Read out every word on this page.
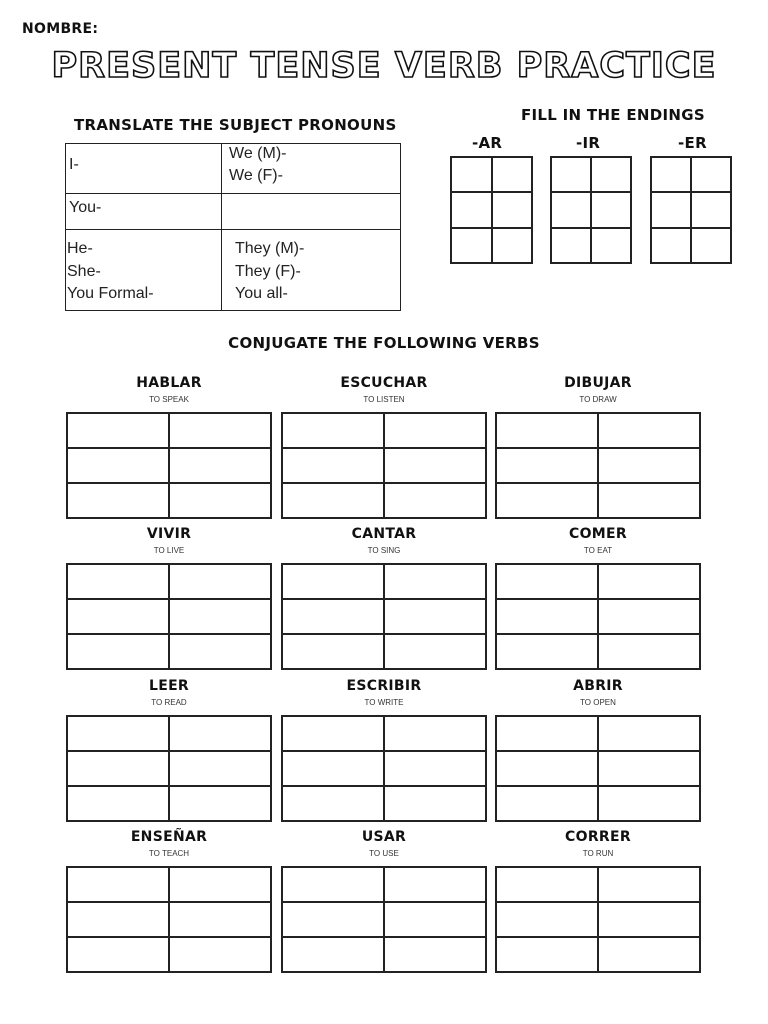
NOMBRE:
PRESENT TENSE VERB PRACTICE
TRANSLATE THE SUBJECT PRONOUNS
I-
We (M)-
We (F)-
You-
He-
She-
You Formal-
They (M)-
They (F)-
You all-
FILL IN THE ENDINGS
-AR	-IR	-ER
CONJUGATE THE FOLLOWING VERBS
HABLAR
TO SPEAK
ESCUCHAR
TO LISTEN
DIBUJAR
TO DRAW
VIVIR
TO LIVE
CANTAR
TO SING
COMER
TO EAT
LEER
TO READ
ESCRIBIR
TO WRITE
ABRIR
TO OPEN
ENSEÑAR
TO TEACH
USAR
TO USE
CORRER
TO RUN
